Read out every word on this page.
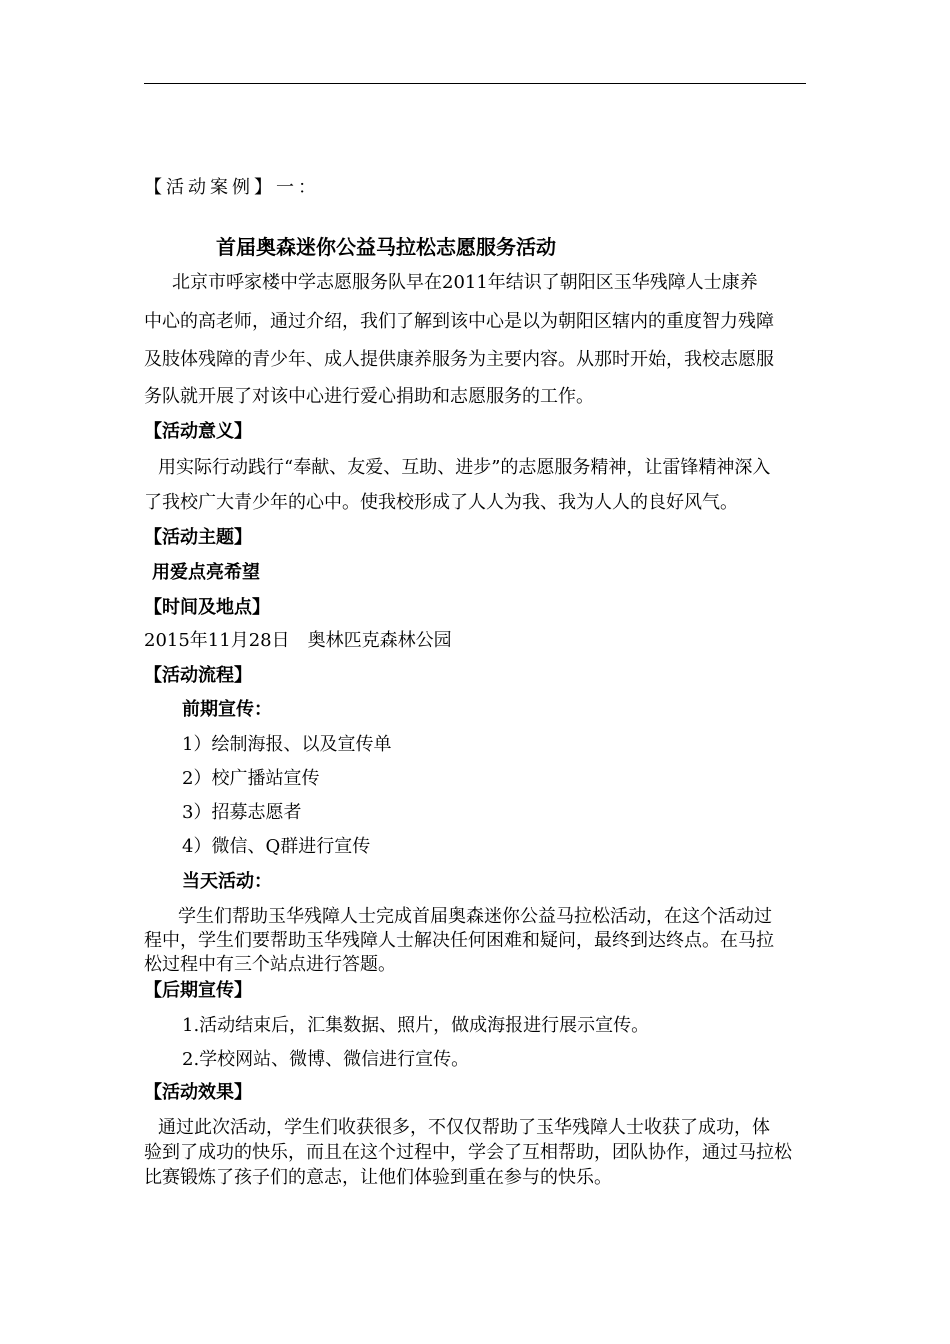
【活动案例】一：
首届奥森迷你公益马拉松志愿服务活动
北京市呼家楼中学志愿服务队早在2011年结识了朝阳区玉华残障人士康养
中心的高老师，通过介绍，我们了解到该中心是以为朝阳区辖内的重度智力残障
及肢体残障的青少年、成人提供康养服务为主要内容。从那时开始，我校志愿服
务队就开展了对该中心进行爱心捐助和志愿服务的工作。
【活动意义】
用实际行动践行“奉献、友爱、互助、进步”的志愿服务精神，让雷锋精神深入
了我校广大青少年的心中。使我校形成了人人为我、我为人人的良好风气。
【活动主题】
用爱点亮希望
【时间及地点】
2015年11月28日　奥林匹克森林公园
【活动流程】
前期宣传：
1）绘制海报、以及宣传单
2）校广播站宣传
3）招募志愿者
4）微信、Q群进行宣传
当天活动：
学生们帮助玉华残障人士完成首届奥森迷你公益马拉松活动，在这个活动过
程中，学生们要帮助玉华残障人士解决任何困难和疑问，最终到达终点。在马拉
松过程中有三个站点进行答题。
【后期宣传】
1.活动结束后，汇集数据、照片，做成海报进行展示宣传。
2.学校网站、微博、微信进行宣传。
【活动效果】
通过此次活动，学生们收获很多，不仅仅帮助了玉华残障人士收获了成功，体
验到了成功的快乐，而且在这个过程中，学会了互相帮助，团队协作，通过马拉松
比赛锻炼了孩子们的意志，让他们体验到重在参与的快乐。
